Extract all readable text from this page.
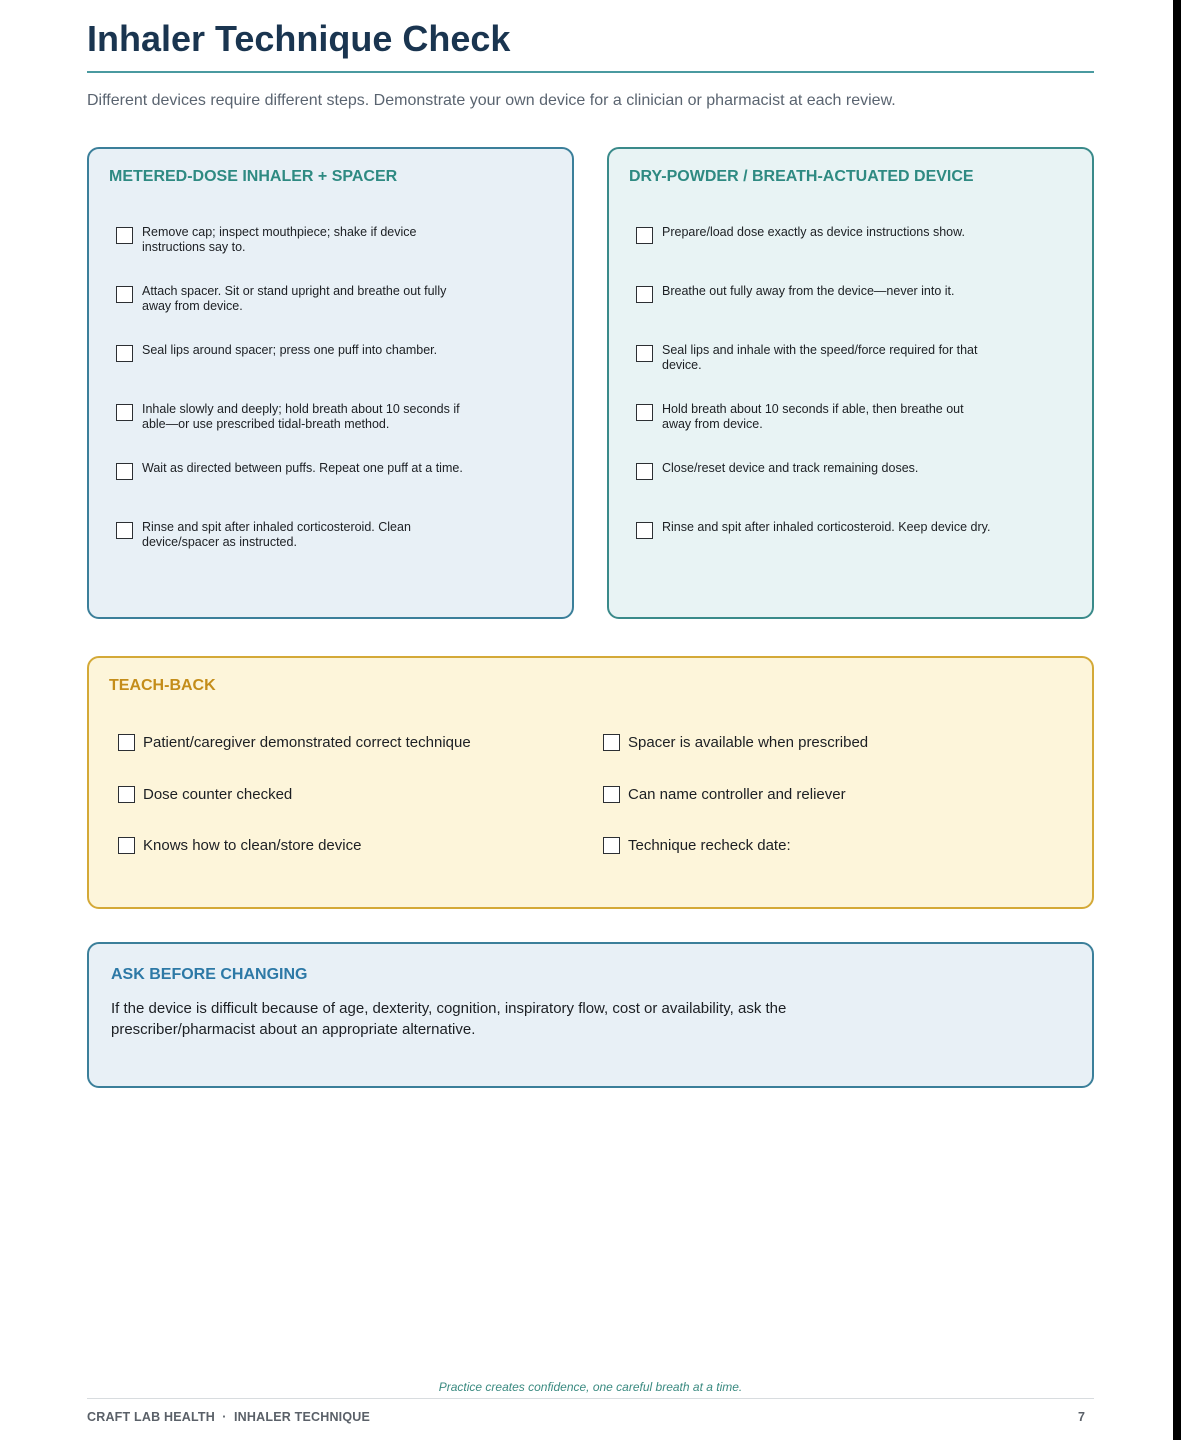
Inhaler Technique Check
Different devices require different steps. Demonstrate your own device for a clinician or pharmacist at each review.
METERED-DOSE INHALER + SPACER
Remove cap; inspect mouthpiece; shake if device instructions say to.
Attach spacer. Sit or stand upright and breathe out fully away from device.
Seal lips around spacer; press one puff into chamber.
Inhale slowly and deeply; hold breath about 10 seconds if able—or use prescribed tidal-breath method.
Wait as directed between puffs. Repeat one puff at a time.
Rinse and spit after inhaled corticosteroid. Clean device/spacer as instructed.
DRY-POWDER / BREATH-ACTUATED DEVICE
Prepare/load dose exactly as device instructions show.
Breathe out fully away from the device—never into it.
Seal lips and inhale with the speed/force required for that device.
Hold breath about 10 seconds if able, then breathe out away from device.
Close/reset device and track remaining doses.
Rinse and spit after inhaled corticosteroid. Keep device dry.
TEACH-BACK
Patient/caregiver demonstrated correct technique	Spacer is available when prescribed
Dose counter checked	Can name controller and reliever
Knows how to clean/store device	Technique recheck date:
ASK BEFORE CHANGING
If the device is difficult because of age, dexterity, cognition, inspiratory flow, cost or availability, ask the prescriber/pharmacist about an appropriate alternative.
Practice creates confidence, one careful breath at a time.
CRAFT LAB HEALTH  ·  INHALER TECHNIQUE	7
